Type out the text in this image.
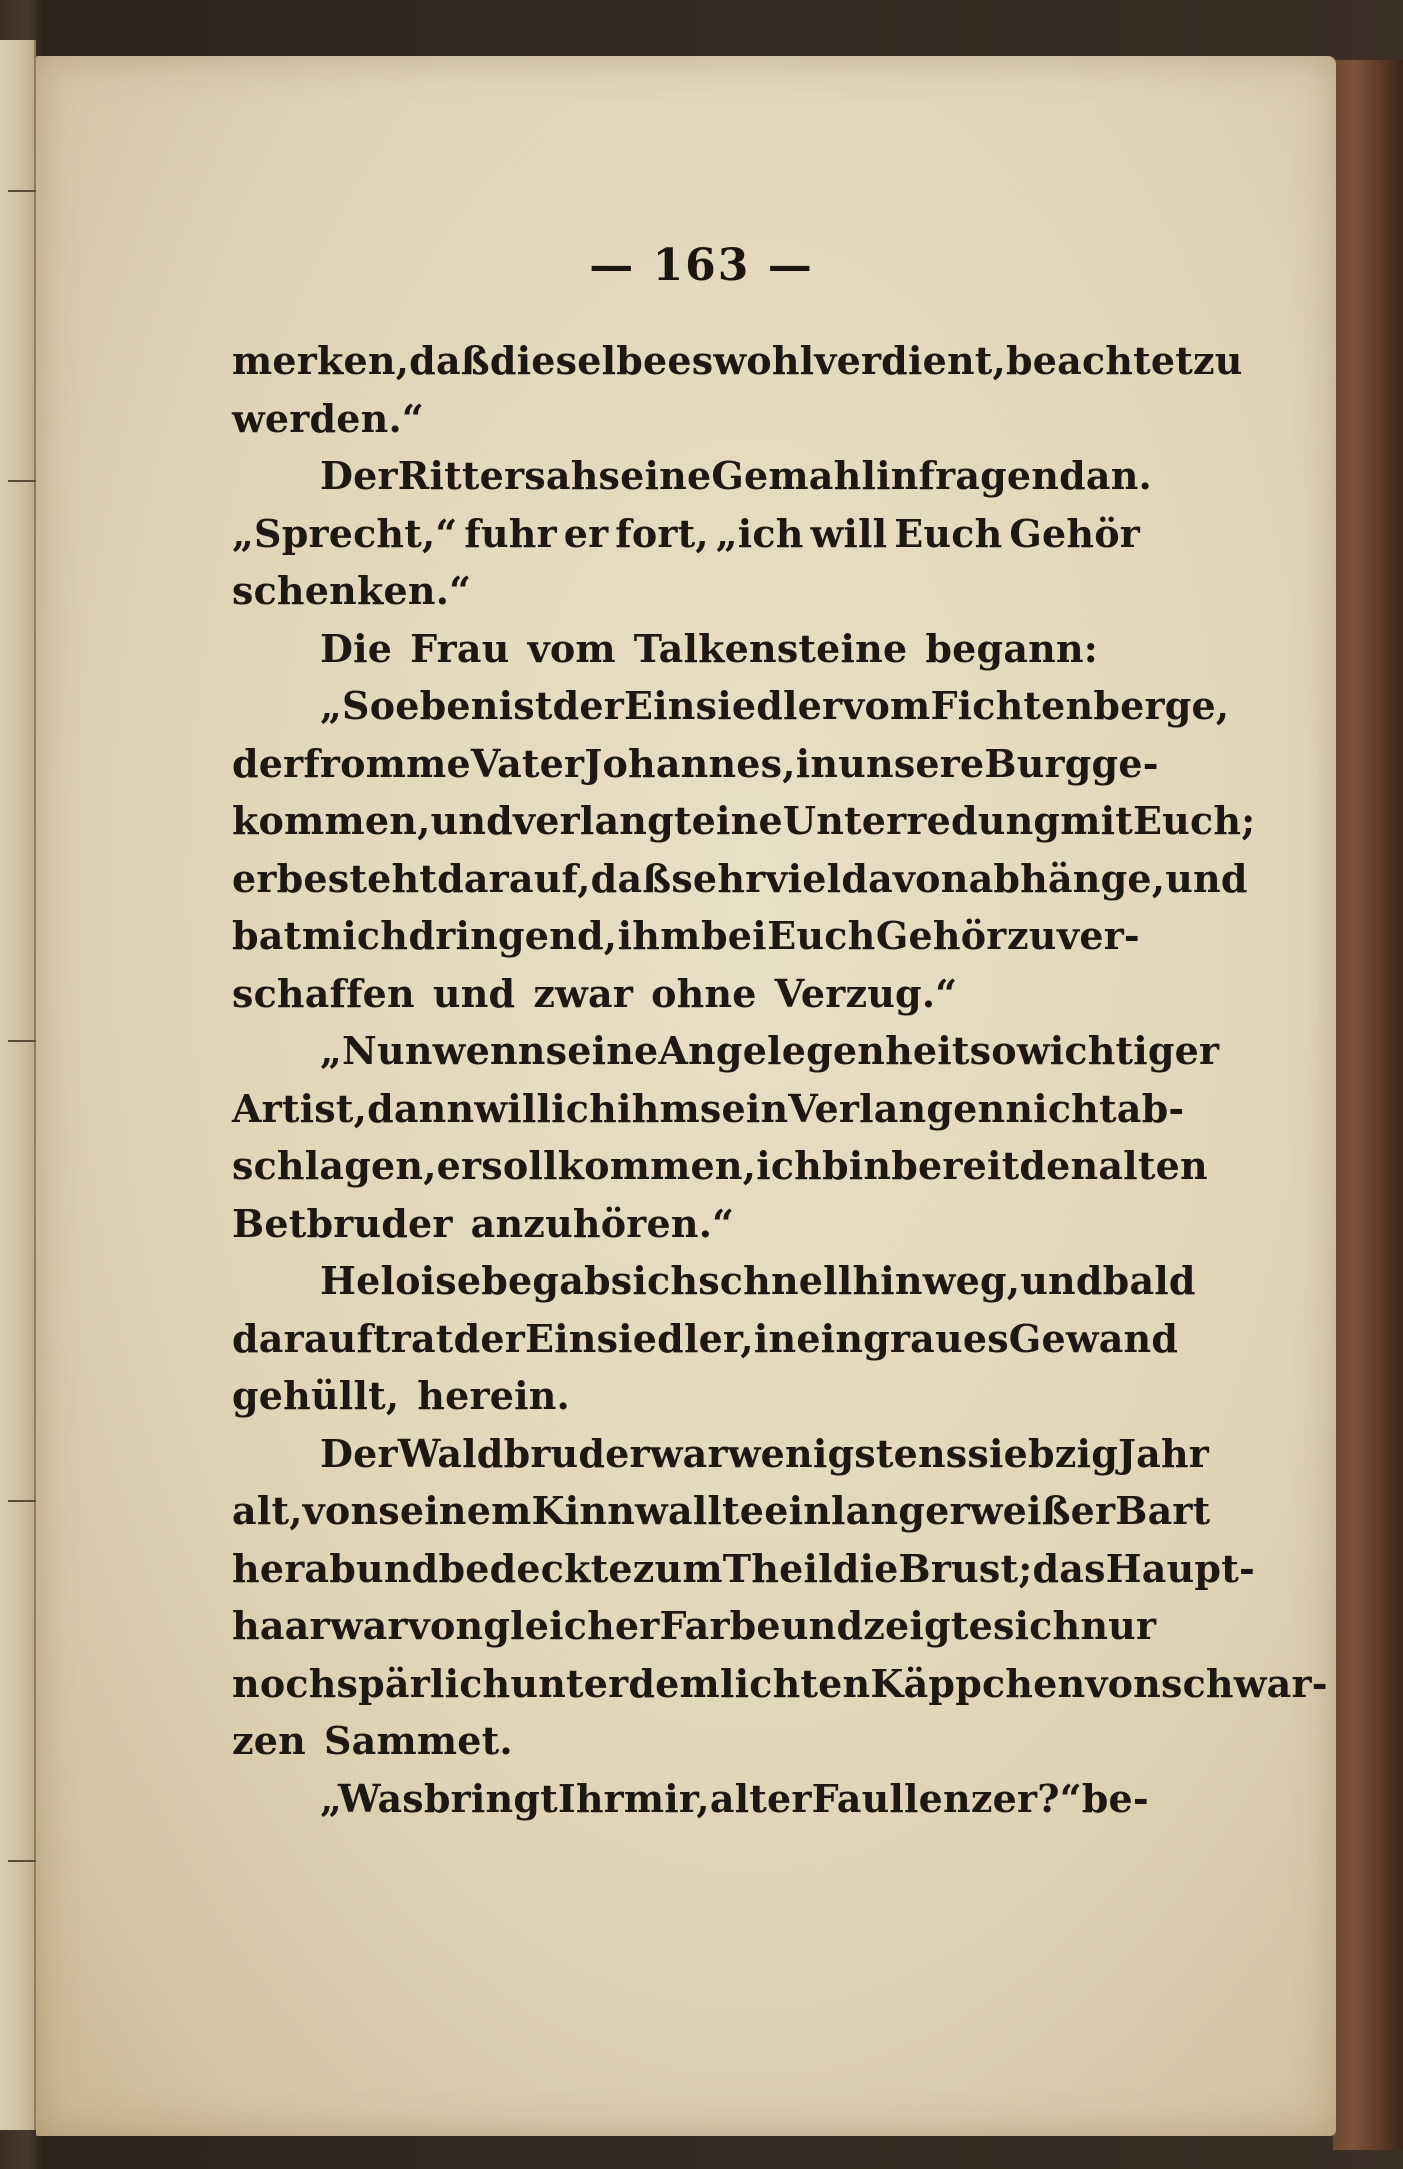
— 163 —
merken, daß dieselbe es wohlverdient, beachtet zu
werden.“
Der Ritter sah seine Gemahlin fragend an.
„Sprecht,“ fuhr er fort, „ich will Euch Gehör
schenken.“
Die Frau vom Talkensteine begann:
„Soeben ist der Einsiedler vom Fichtenberge,
der fromme Vater Johannes, in unsere Burg ge-
kommen, und verlangt eine Unterredung mit Euch;
er besteht darauf, daß sehr viel davon abhänge, und
bat mich dringend, ihm bei Euch Gehör zu ver-
schaffen und zwar ohne Verzug.“
„Nun wenn seine Angelegenheit so wichtiger
Art ist, dann will ich ihm sein Verlangen nicht ab-
schlagen, er soll kommen, ich bin bereit den alten
Betbruder anzuhören.“
Heloise begab sich schnell hinweg, und bald
darauf trat der Einsiedler, in ein graues Gewand
gehüllt, herein.
Der Waldbruder war wenigstens siebzig Jahr
alt, von seinem Kinn wallte ein langer weißer Bart
herab und bedeckte zum Theil die Brust; das Haupt-
haar war von gleicher Farbe und zeigte sich nur
noch spärlich unter dem lichten Käppchen von schwar-
zen Sammet.
„Was bringt Ihr mir, alter Faullenzer?“ be-
